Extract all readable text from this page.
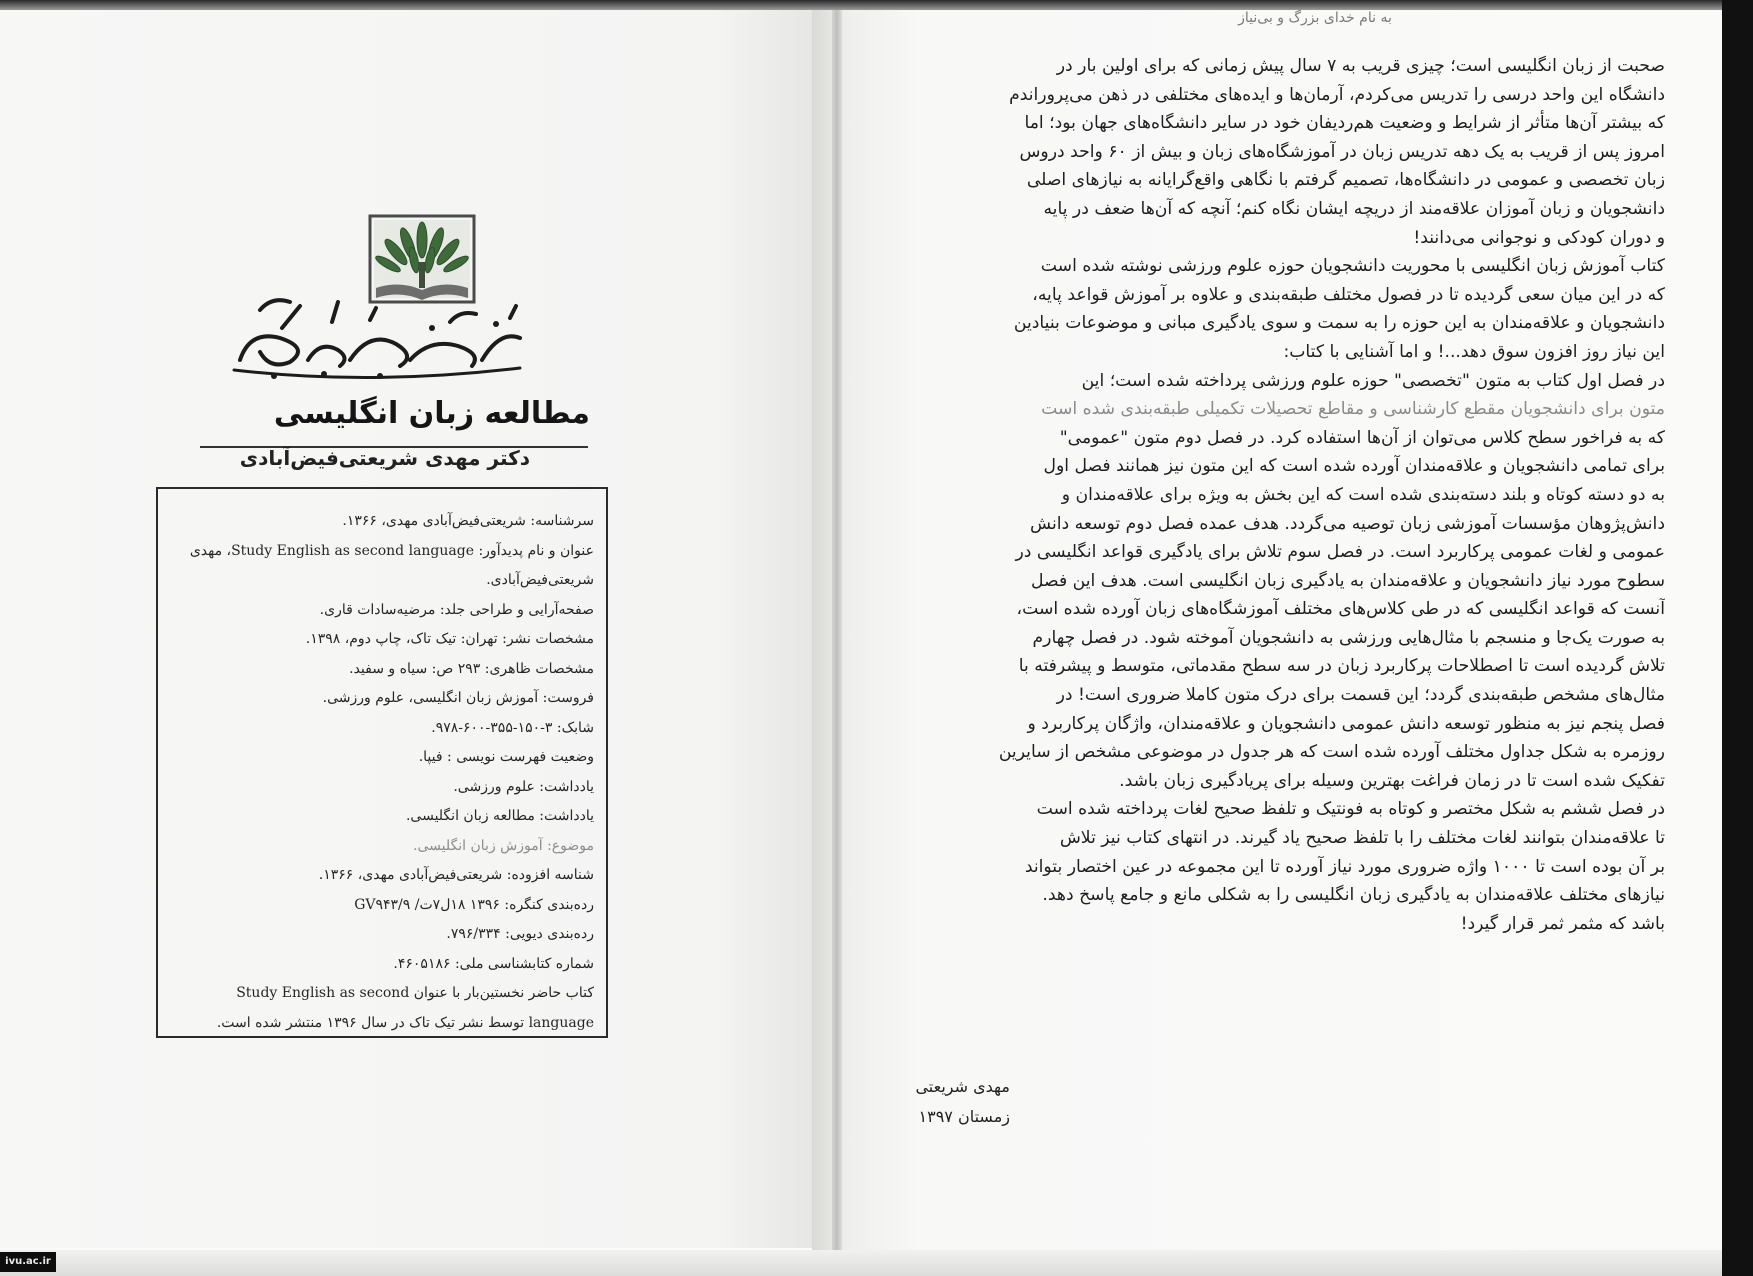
مطالعه زبان انگلیسی
دکتر مهدی شریعتی‌فیض‌آبادی
سرشناسه: شریعتی‌فیض‌آبادی مهدی، ۱۳۶۶.
عنوان و نام پدیدآور: Study English as second language، مهدی
شریعتی‌فیض‌آبادی.
صفحه‌آرایی و طراحی جلد: مرضیه‌سادات قاری.
مشخصات نشر: تهران: تیک تاک، چاپ دوم، ۱۳۹۸.
مشخصات ظاهری: ۲۹۳ ص: سیاه و سفید.
فروست: آموزش زبان انگلیسی، علوم ورزشی.
شابک: ۳-۱۵۰-۳۵۵-۶۰۰-۹۷۸.
وضعیت فهرست نویسی : فیپا.
یادداشت: علوم ورزشی.
یادداشت: مطالعه زبان انگلیسی.
موضوع: آموزش زبان انگلیسی.
شناسه افزوده: شریعتی‌فیض‌آبادی مهدی، ۱۳۶۶.
رده‌بندی کنگره: ۱۳۹۶ ۱۸ل۷ت/ GV۹۴۳/۹
رده‌بندی دیویی: ۷۹۶/۳۳۴.
شماره کتابشناسی ملی: ۴۶۰۵۱۸۶.
کتاب حاضر نخستین‌بار با عنوان Study English as second
language توسط نشر تیک تاک در سال ۱۳۹۶ منتشر شده است.
به نام خدای بزرگ و بی‌نیاز
صحبت از زبان انگلیسی است؛ چیزی قریب به ۷ سال پیش زمانی که برای اولین بار در
دانشگاه این واحد درسی را تدریس می‌کردم، آرمان‌ها و ایده‌های مختلفی در ذهن می‌پروراندم
که بیشتر آن‌ها متأثر از شرایط و وضعیت هم‌ردیفان خود در سایر دانشگاه‌های جهان بود؛ اما
امروز پس از قریب به یک دهه تدریس زبان در آموزشگاه‌های زبان و بیش از ۶۰ واحد دروس
زبان تخصصی و عمومی در دانشگاه‌ها، تصمیم گرفتم با نگاهی واقع‌گرایانه به نیازهای اصلی
دانشجویان و زبان آموزان علاقه‌مند از دریچه ایشان نگاه کنم؛ آنچه که آن‌ها ضعف در پایه
و دوران کودکی و نوجوانی می‌دانند!
کتاب آموزش زبان انگلیسی با محوریت دانشجویان حوزه علوم ورزشی نوشته شده است
که در این میان سعی گردیده تا در فصول مختلف طبقه‌بندی و علاوه بر آموزش قواعد پایه،
دانشجویان و علاقه‌مندان به این حوزه را به سمت و سوی یادگیری مبانی و موضوعات بنیادین
این نیاز روز افزون سوق دهد...! و اما آشنایی با کتاب:
در فصل اول کتاب به متون "تخصصی" حوزه علوم ورزشی پرداخته شده است؛ این
متون برای دانشجویان مقطع کارشناسی و مقاطع تحصیلات تکمیلی طبقه‌بندی شده است
که به فراخور سطح کلاس می‌توان از آن‌ها استفاده کرد. در فصل دوم متون "عمومی"
برای تمامی دانشجویان و علاقه‌مندان آورده شده است که این متون نیز همانند فصل اول
به دو دسته کوتاه و بلند دسته‌بندی شده است که این بخش به ویژه برای علاقه‌مندان و
دانش‌پژوهان مؤسسات آموزشی زبان توصیه می‌گردد. هدف عمده فصل دوم توسعه دانش
عمومی و لغات عمومی پرکاربرد است. در فصل سوم تلاش برای یادگیری قواعد انگلیسی در
سطوح مورد نیاز دانشجویان و علاقه‌مندان به یادگیری زبان انگلیسی است. هدف این فصل
آنست که قواعد انگلیسی که در طی کلاس‌های مختلف آموزشگاه‌های زبان آورده شده است،
به صورت یک‌جا و منسجم با مثال‌هایی ورزشی به دانشجویان آموخته شود. در فصل چهارم
تلاش گردیده است تا اصطلاحات پرکاربرد زبان در سه سطح مقدماتی، متوسط و پیشرفته با
مثال‌های مشخص طبقه‌بندی گردد؛ این قسمت برای درک متون کاملا ضروری است! در
فصل پنجم نیز به منظور توسعه دانش عمومی دانشجویان و علاقه‌مندان، واژگان پرکاربرد و
روزمره به شکل جداول مختلف آورده شده است که هر جدول در موضوعی مشخص از سایرین
تفکیک شده است تا در زمان فراغت بهترین وسیله برای پریادگیری زبان باشد.
در فصل ششم به شکل مختصر و کوتاه به فونتیک و تلفظ صحیح لغات پرداخته شده است
تا علاقه‌مندان بتوانند لغات مختلف را با تلفظ صحیح یاد گیرند. در انتهای کتاب نیز تلاش
بر آن بوده است تا ۱۰۰۰ واژه ضروری مورد نیاز آورده تا این مجموعه در عین اختصار بتواند
نیازهای مختلف علاقه‌مندان به یادگیری زبان انگلیسی را به شکلی مانع و جامع پاسخ دهد.
باشد که مثمر ثمر قرار گیرد!
مهدی شریعتی
زمستان ۱۳۹۷
ivu.ac.ir
